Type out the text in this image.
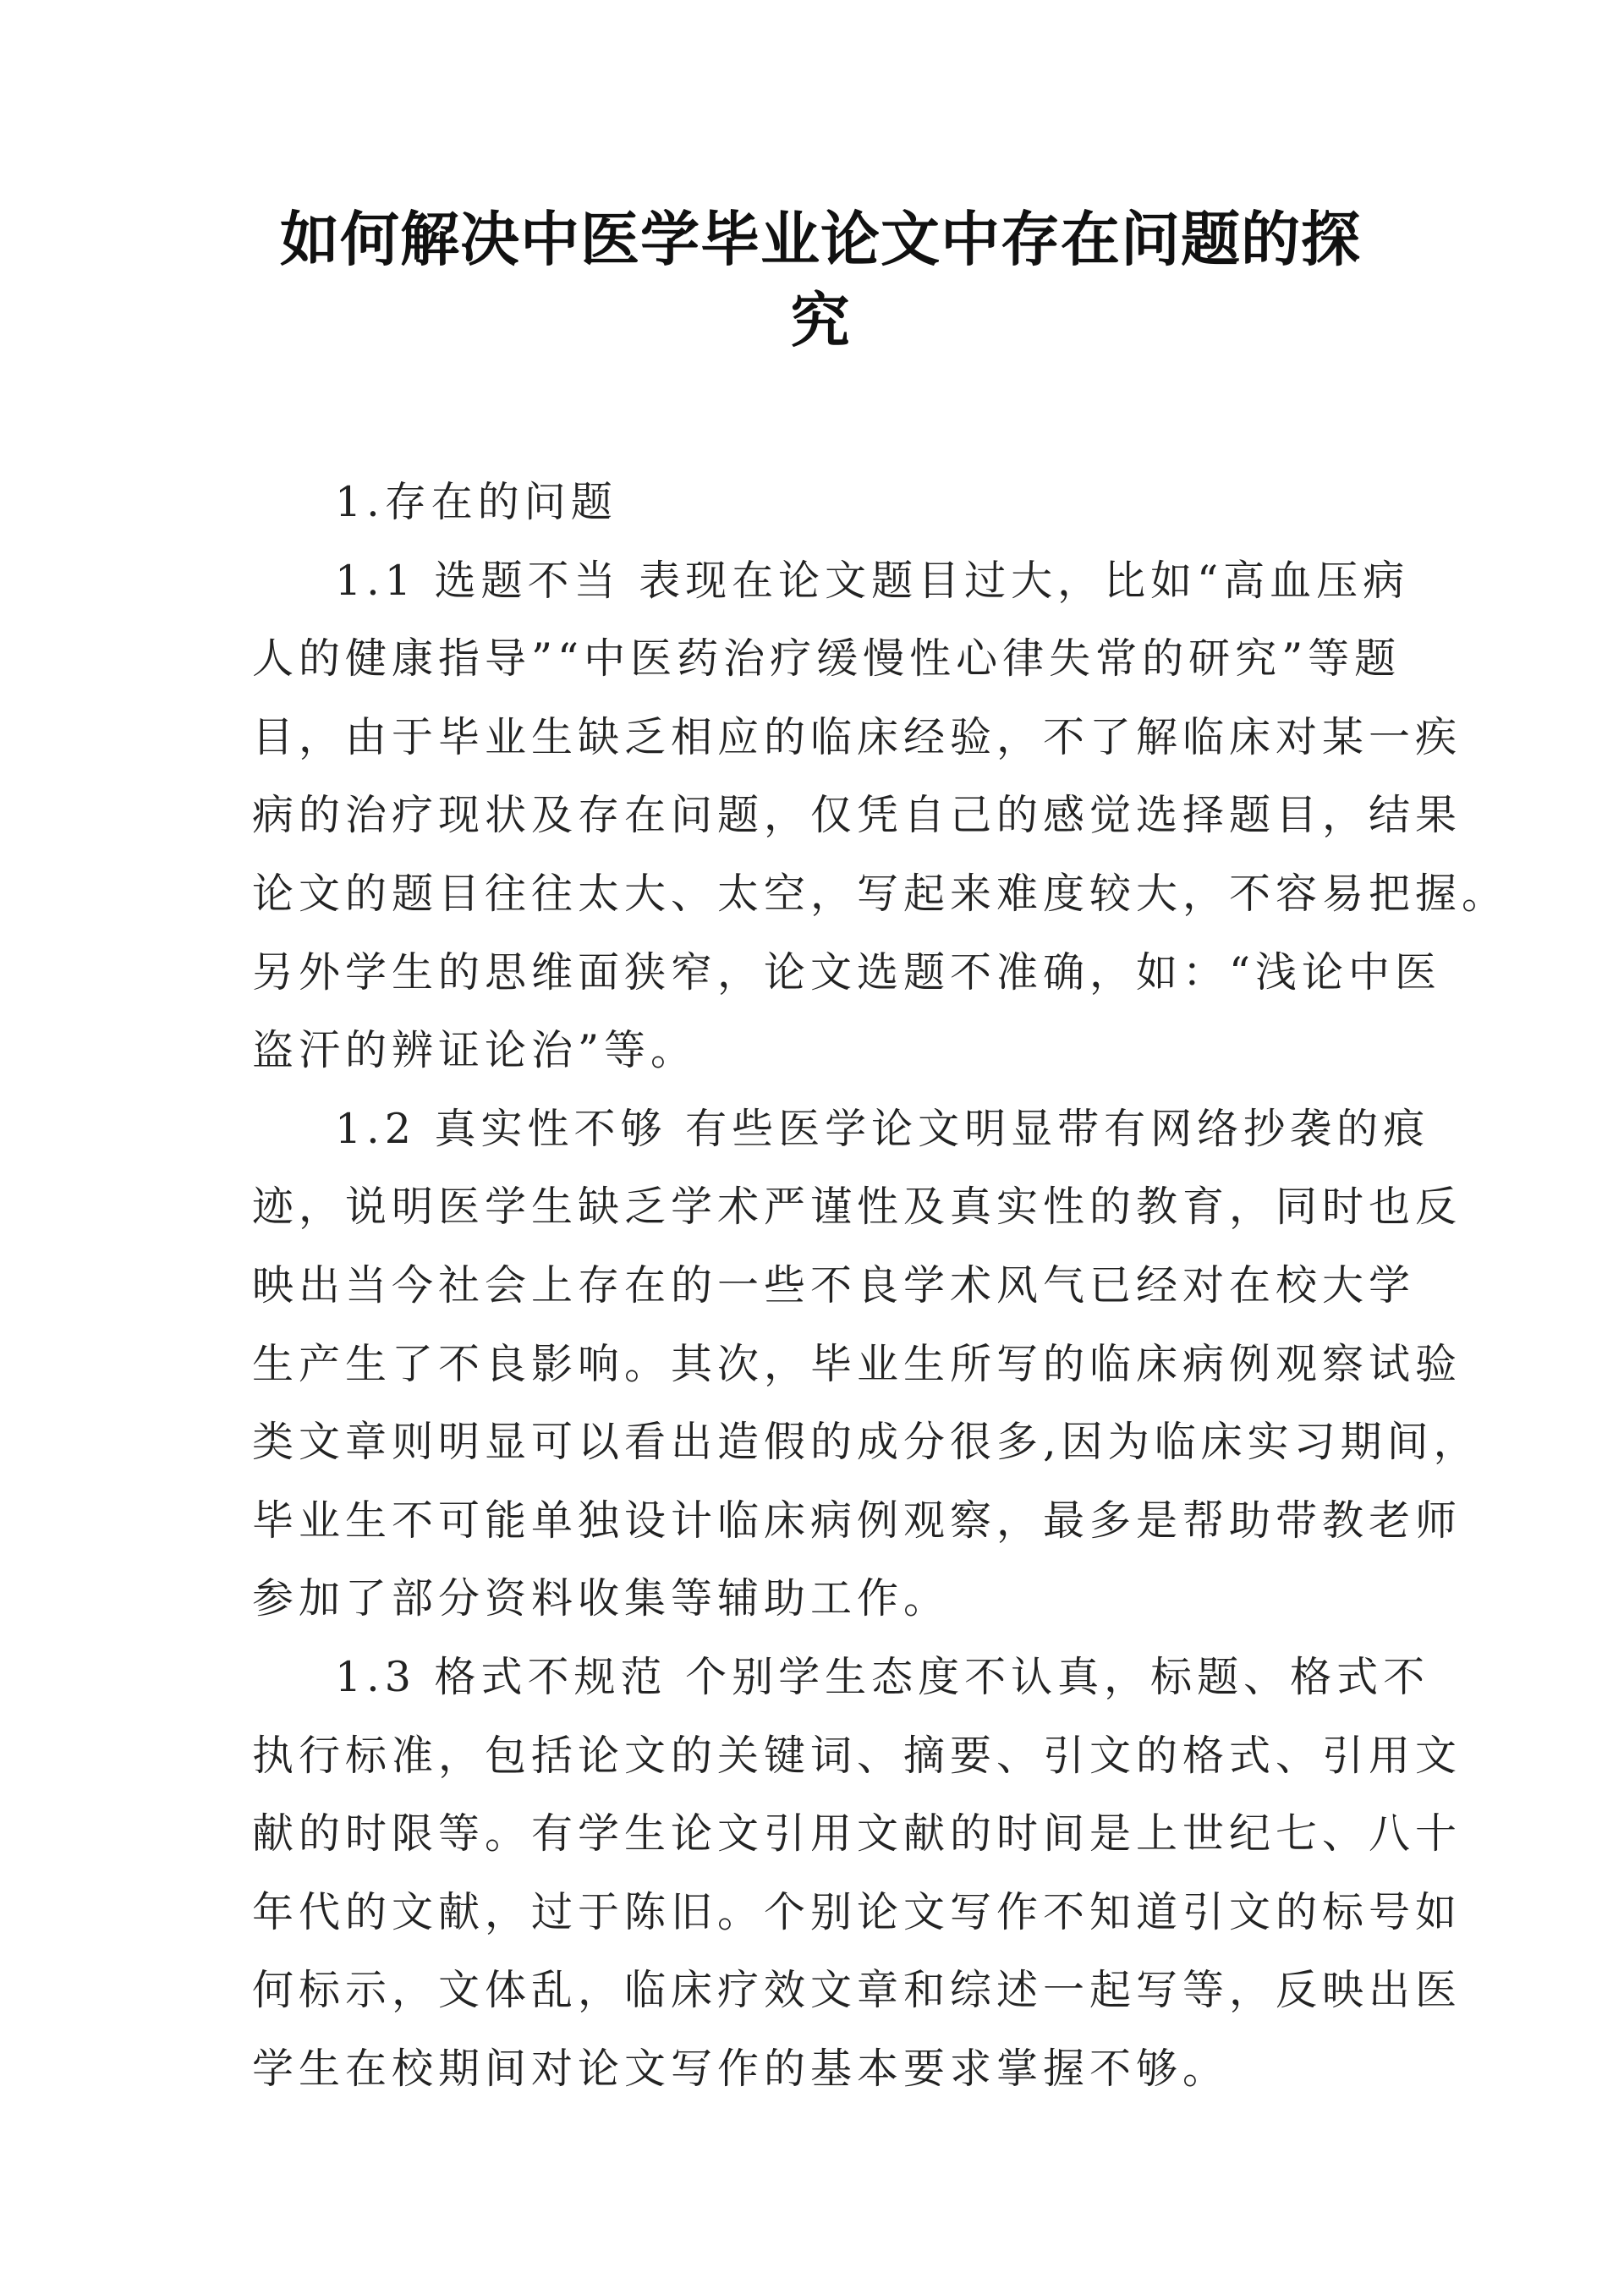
如何解决中医学毕业论文中存在问题的探
究
1.存在的问题
1.1 选题不当 表现在论文题目过大，比如“高血压病
人的健康指导”“中医药治疗缓慢性心律失常的研究”等题
目，由于毕业生缺乏相应的临床经验，不了解临床对某一疾
病的治疗现状及存在问题，仅凭自己的感觉选择题目，结果
论文的题目往往太大、太空，写起来难度较大，不容易把握。
另外学生的思维面狭窄，论文选题不准确，如：“浅论中医
盗汗的辨证论治”等。
1.2 真实性不够 有些医学论文明显带有网络抄袭的痕
迹，说明医学生缺乏学术严谨性及真实性的教育，同时也反
映出当今社会上存在的一些不良学术风气已经对在校大学
生产生了不良影响。其次，毕业生所写的临床病例观察试验
类文章则明显可以看出造假的成分很多,因为临床实习期间，
毕业生不可能单独设计临床病例观察，最多是帮助带教老师
参加了部分资料收集等辅助工作。
1.3 格式不规范 个别学生态度不认真，标题、格式不
执行标准，包括论文的关键词、摘要、引文的格式、引用文
献的时限等。有学生论文引用文献的时间是上世纪七、八十
年代的文献，过于陈旧。个别论文写作不知道引文的标号如
何标示，文体乱，临床疗效文章和综述一起写等，反映出医
学生在校期间对论文写作的基本要求掌握不够。
